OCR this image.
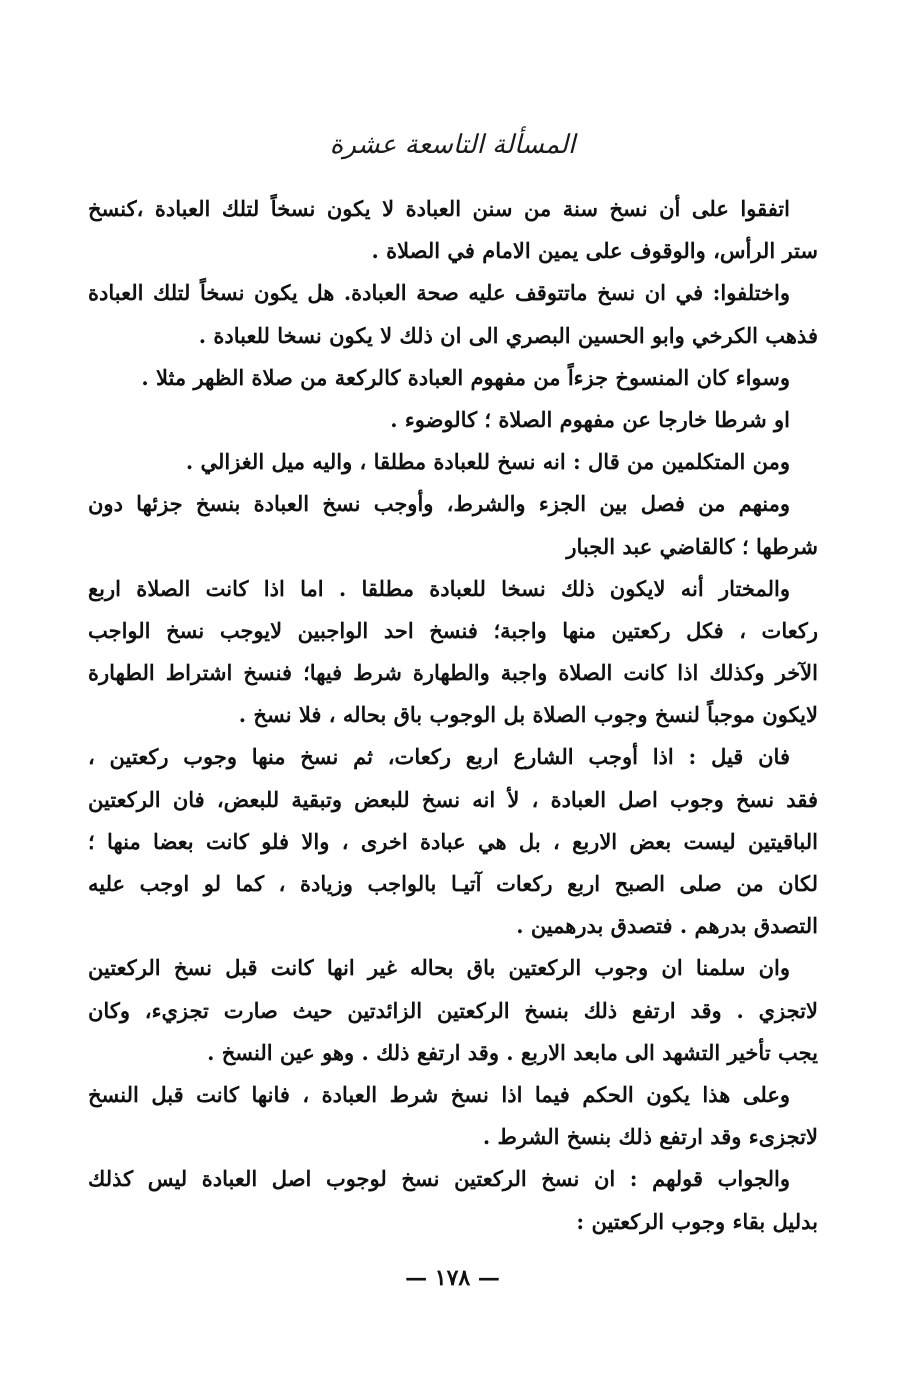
المسألة التاسعة عشرة
اتفقوا على أن نسخ سنة من سنن العبادة لا يكون نسخاً لتلك العبادة ،كنسخ
ستر الرأس، والوقوف على يمين الامام في الصلاة .
واختلفوا: في ان نسخ ماتتوقف عليه صحة العبادة. هل يكون نسخاً لتلك العبادة
فذهب الكرخي وابو الحسين البصري الى ان ذلك لا يكون نسخا للعبادة .
وسواء كان المنسوخ جزءاً من مفهوم العبادة كالركعة من صلاة الظهر مثلا .
او شرطا خارجا عن مفهوم الصلاة ؛ كالوضوء .
ومن المتكلمين من قال : انه نسخ للعبادة مطلقا ، واليه ميل الغزالي .
ومنهم من فصل بين الجزء والشرط، وأوجب نسخ العبادة بنسخ جزئها دون
شرطها ؛ كالقاضي عبد الجبار
والمختار أنه لايكون ذلك نسخا للعبادة مطلقا . اما اذا كانت الصلاة اربع
ركعات ، فكل ركعتين منها واجبة؛ فنسخ احد الواجبين لايوجب نسخ الواجب
الآخر وكذلك اذا كانت الصلاة واجبة والطهارة شرط فيها؛ فنسخ اشتراط الطهارة
لايكون موجباً لنسخ وجوب الصلاة بل الوجوب باق بحاله ، فلا نسخ .
فان قيل : اذا أوجب الشارع اربع ركعات، ثم نسخ منها وجوب ركعتين ،
فقد نسخ وجوب اصل العبادة ، لأ انه نسخ للبعض وتبقية للبعض، فان الركعتين
الباقيتين ليست بعض الاربع ، بل هي عبادة اخرى ، والا فلو كانت بعضا منها ؛
لكان من صلى الصبح اربع ركعات آتيـا بالواجب وزيادة ، كما لو اوجب عليه
التصدق بدرهم . فتصدق بدرهمين .
وان سلمنا ان وجوب الركعتين باق بحاله غير انها كانت قبل نسخ الركعتين
لاتجزي . وقد ارتفع ذلك بنسخ الركعتين الزائدتين حيث صارت تجزيء، وكان
يجب تأخير التشهد الى مابعد الاربع . وقد ارتفع ذلك . وهو عين النسخ .
وعلى هذا يكون الحكم فيما اذا نسخ شرط العبادة ، فانها كانت قبل النسخ
لاتجزىء وقد ارتفع ذلك بنسخ الشرط .
والجواب قولهم : ان نسخ الركعتين نسخ لوجوب اصل العبادة ليس كذلك
بدليل بقاء وجوب الركعتين :
— ١٧٨ —
